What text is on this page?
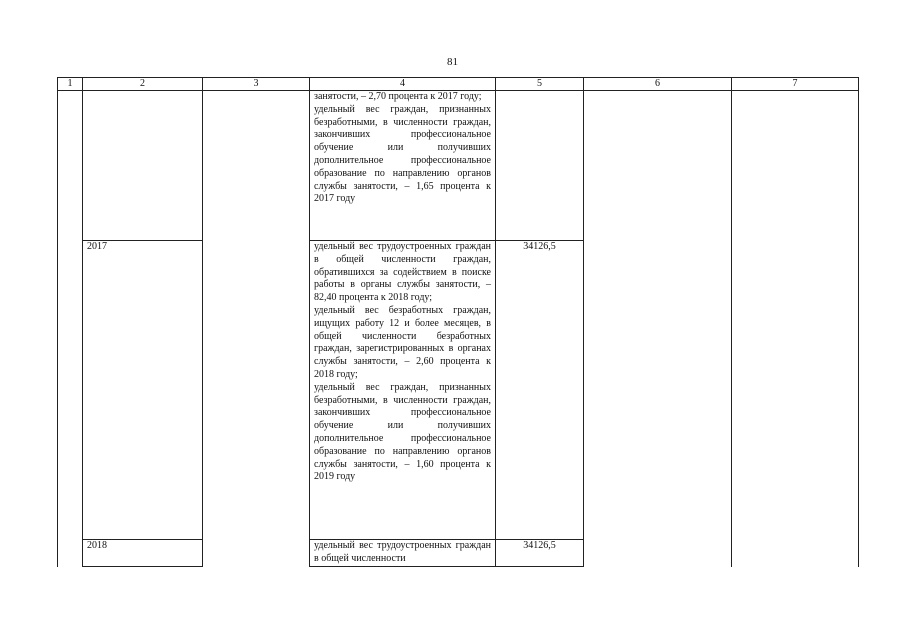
81
1	2	3	4	5	6	7

			занятости, – 2,70 процента к 2017 году;
удельный вес граждан, признанных безработными, в численности граждан, закончивших профессиональное обучение или получивших дополнительное профессиональное образование по направлению органов службы занятости, – 1,65 процента к 2017 году			

	2017		удельный вес трудоустроенных граждан в общей численности граждан, обратившихся за содействием в поиске работы в органы службы занятости, – 82,40 процента к 2018 году;
удельный вес безработных граждан, ищущих работу 12 и более месяцев, в общей численности безработных граждан, зарегистрированных в органах службы занятости, – 2,60 процента к 2018 году;
удельный вес граждан, признанных безработными, в численности граждан, закончивших профессиональное обучение или получивших дополнительное профессиональное образование по направлению органов службы занятости, – 1,60 процента к 2019 году	34126,5		
	2018		удельный вес трудоустроенных граждан в общей численности	34126,5		
